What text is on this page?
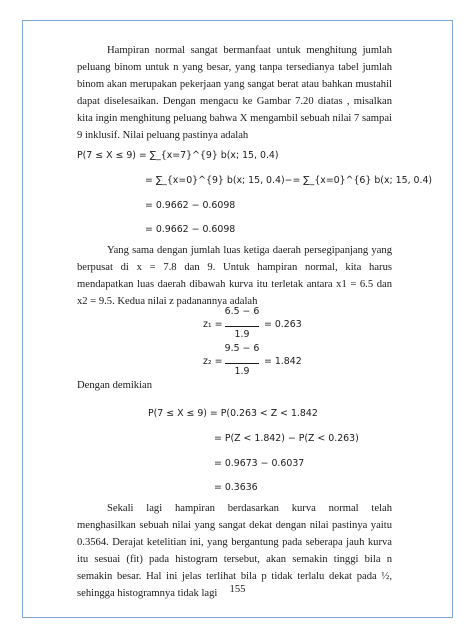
Hampiran normal sangat bermanfaat untuk menghitung jumlah peluang binom untuk n yang besar, yang tanpa tersedianya tabel jumlah binom akan merupakan pekerjaan yang sangat berat atau bahkan mustahil dapat diselesaikan. Dengan mengacu ke Gambar 7.20 diatas , misalkan kita ingin menghitung peluang bahwa X mengambil sebuah nilai 7 sampai 9 inklusif. Nilai peluang pastinya adalah

P(7 ≤ X ≤ 9) = ∑_{x=7}^{9} b(x; 15, 0.4)
= ∑_{x=0}^{9} b(x; 15, 0.4)−= ∑_{x=0}^{6} b(x; 15, 0.4)
= 0.9662 − 0.6098
= 0.9662 − 0.6098

Yang sama dengan jumlah luas ketiga daerah persegipanjang yang berpusat di x = 7.8 dan 9. Untuk hampiran normal, kita harus mendapatkan luas daerah dibawah kurva itu terletak antara x1 = 6.5 dan x2 = 9.5. Kedua nilai z padanannya adalah

z₁ =
6.5 − 6
1.9
= 0.263
z₂ =
9.5 − 6
1.9
= 1.842
Dengan demikian
P(7 ≤ X ≤ 9) = P(0.263 < Z < 1.842
= P(Z < 1.842) − P(Z < 0.263)
= 0.9673 − 0.6037
= 0.3636

Sekali lagi hampiran berdasarkan kurva normal telah menghasilkan sebuah nilai yang sangat dekat dengan nilai pastinya yaitu 0.3564. Derajat ketelitian ini, yang bergantung pada seberapa jauh kurva itu sesuai (fit) pada histogram tersebut, akan semakin tinggi bila n semakin besar. Hal ini jelas terlihat bila p tidak terlalu dekat pada ½, sehingga histogramnya tidak lagi	155
